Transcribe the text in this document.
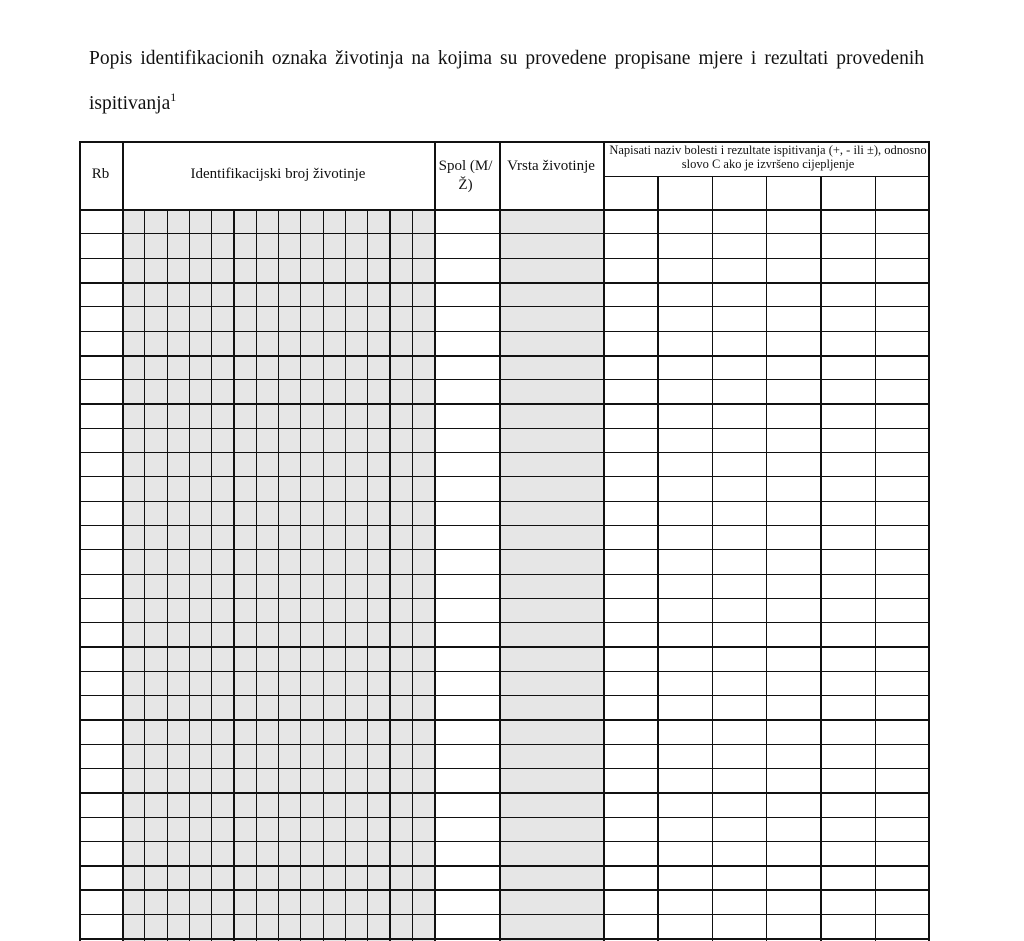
Popis identifikacionih oznaka životinja na kojima su provedene propisane mjere i rezultati provedenih ispitivanja$^1$
Rb	Identifikacijski broj životinje	Spol (M/Ž)
Vrsta životinje
Napisati naziv bolesti i rezultate ispitivanja (+, - ili ±), odnosno slovo C ako je izvršeno cijepljenje
